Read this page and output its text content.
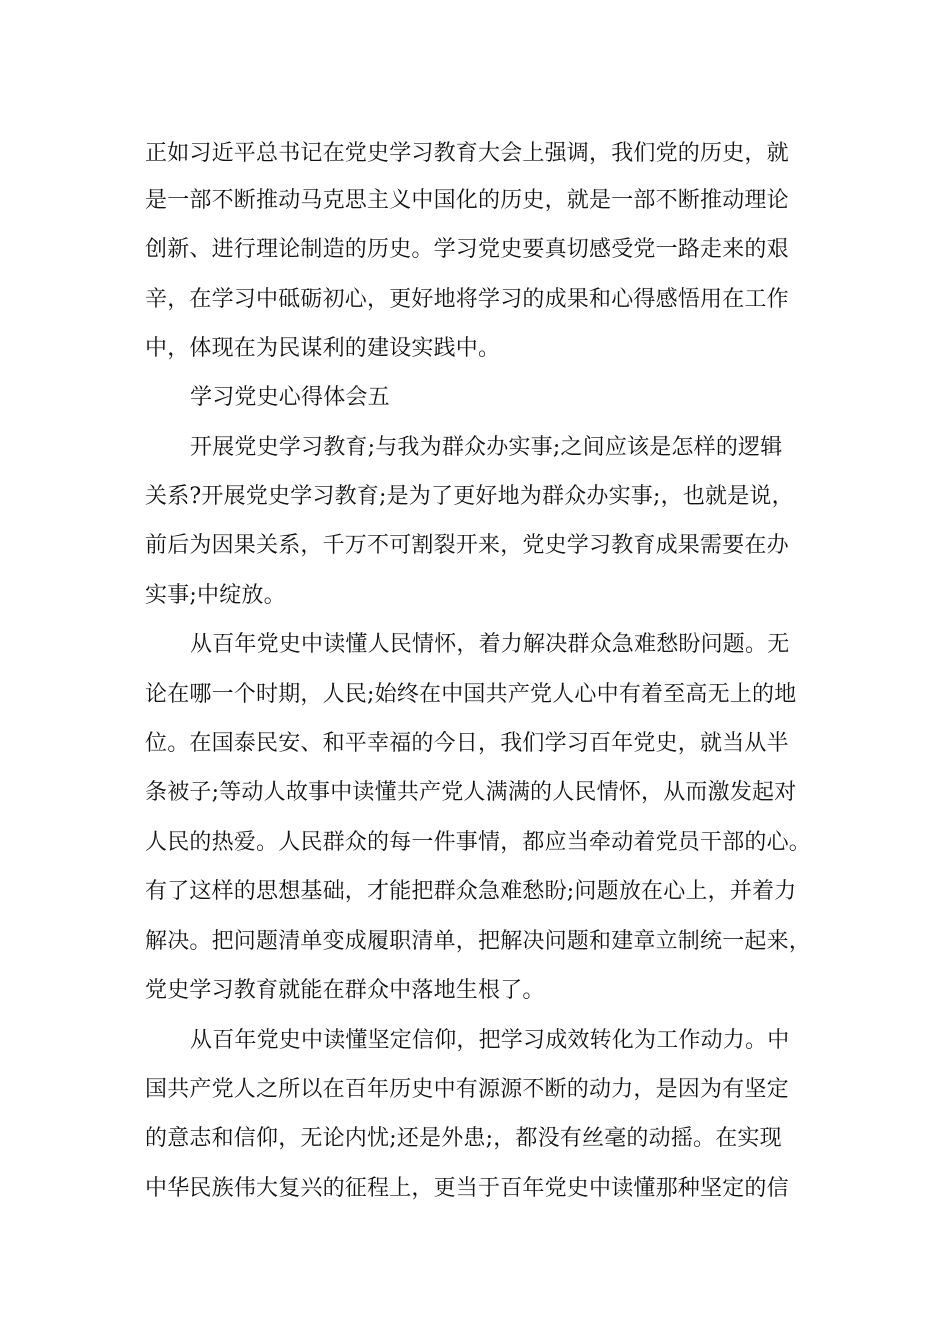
正如习近平总书记在党史学习教育大会上强调，我们党的历史，就
是一部不断推动马克思主义中国化的历史，就是一部不断推动理论
创新、进行理论制造的历史。学习党史要真切感受党一路走来的艰
辛，在学习中砥砺初心，更好地将学习的成果和心得感悟用在工作
中，体现在为民谋利的建设实践中。
学习党史心得体会五
开展党史学习教育;与我为群众办实事;之间应该是怎样的逻辑
关系?开展党史学习教育;是为了更好地为群众办实事;，也就是说，
前后为因果关系，千万不可割裂开来，党史学习教育成果需要在办
实事;中绽放。
从百年党史中读懂人民情怀，着力解决群众急难愁盼问题。无
论在哪一个时期，人民;始终在中国共产党人心中有着至高无上的地
位。在国泰民安、和平幸福的今日，我们学习百年党史，就当从半
条被子;等动人故事中读懂共产党人满满的人民情怀，从而激发起对
人民的热爱。人民群众的每一件事情，都应当牵动着党员干部的心。
有了这样的思想基础，才能把群众急难愁盼;问题放在心上，并着力
解决。把问题清单变成履职清单，把解决问题和建章立制统一起来，
党史学习教育就能在群众中落地生根了。
从百年党史中读懂坚定信仰，把学习成效转化为工作动力。中
国共产党人之所以在百年历史中有源源不断的动力，是因为有坚定
的意志和信仰，无论内忧;还是外患;，都没有丝毫的动摇。在实现
中华民族伟大复兴的征程上，更当于百年党史中读懂那种坚定的信
